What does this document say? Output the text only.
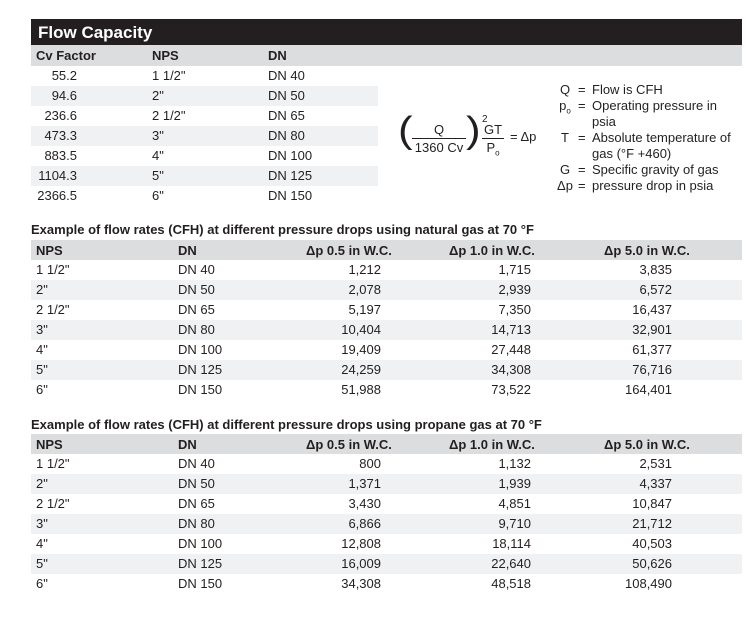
Flow Capacity
Cv Factor	NPS	DN
55.2	1 1/2"	DN 40
94.6	2"	DN 50
236.6	2 1/2"	DN 65
473.3	3"	DN 80
883.5	4"	DN 100
1104.3	5"	DN 125
2366.5	6"	DN 150
(	Q
1360 Cv ) 2
GT
$P_o$
= Δp
Q = Flow is CFH
$p_o$ = Operating pressure in psia
T = Absolute temperature of gas (°F +460)
G = Specific gravity of gas
Δp = pressure drop in psia
Example of flow rates (CFH) at different pressure drops using natural gas at 70 °F
NPS	DN	Δp 0.5 in W.C.	Δp 1.0 in W.C.	Δp 5.0 in W.C.
1 1/2"	DN 40	1,212	1,715	3,835
2"	DN 50	2,078	2,939	6,572
2 1/2"	DN 65	5,197	7,350	16,437
3"	DN 80	10,404	14,713	32,901
4"	DN 100	19,409	27,448	61,377
5"	DN 125	24,259	34,308	76,716
6"	DN 150	51,988	73,522	164,401
Example of flow rates (CFH) at different pressure drops using propane gas at 70 °F
NPS	DN	Δp 0.5 in W.C.	Δp 1.0 in W.C.	Δp 5.0 in W.C.
1 1/2"	DN 40	800	1,132	2,531
2"	DN 50	1,371	1,939	4,337
2 1/2"	DN 65	3,430	4,851	10,847
3"	DN 80	6,866	9,710	21,712
4"	DN 100	12,808	18,114	40,503
5"	DN 125	16,009	22,640	50,626
6"	DN 150	34,308	48,518	108,490
